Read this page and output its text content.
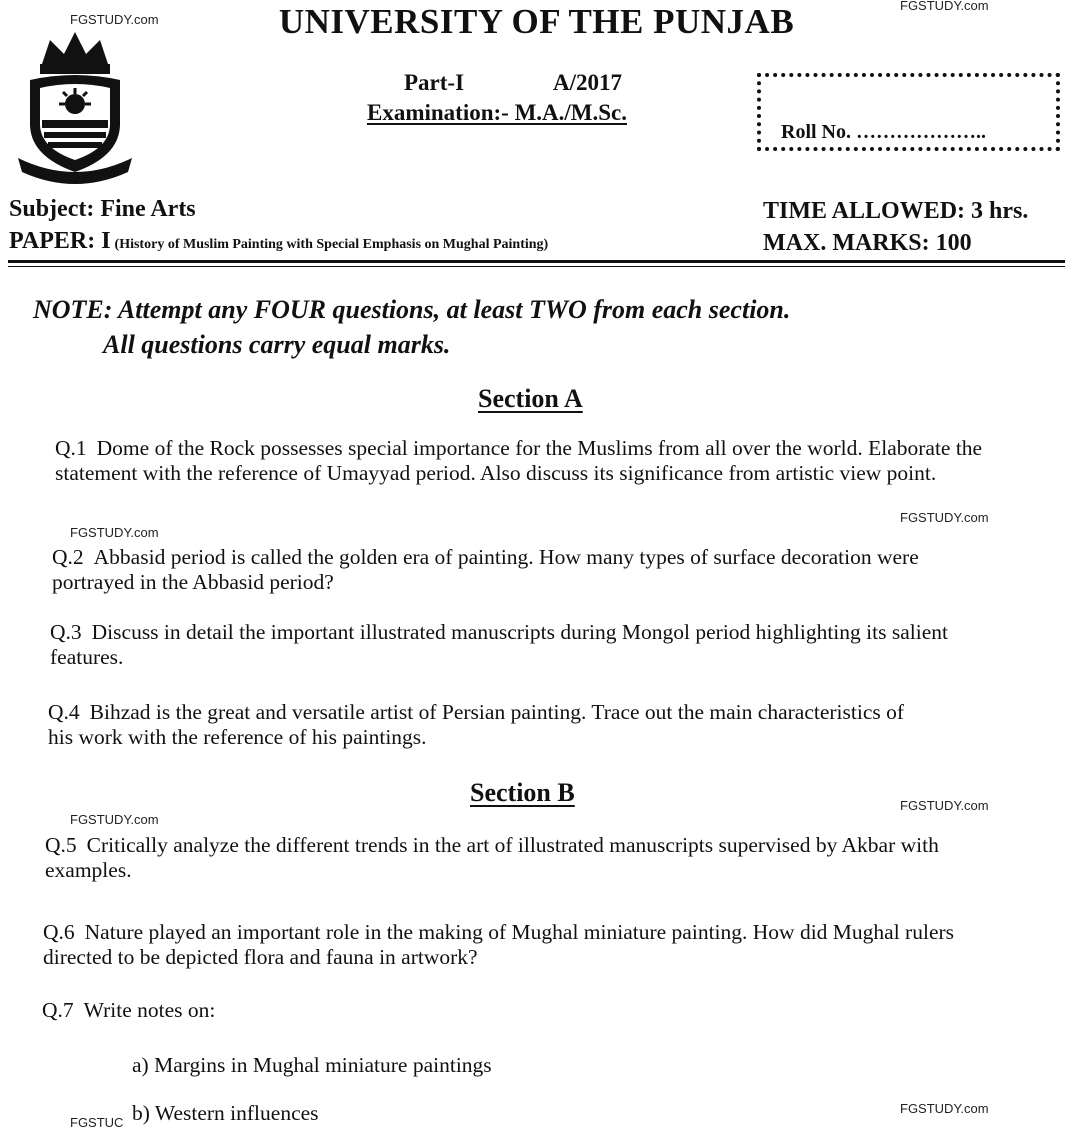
FGSTUDY.com
FGSTUDY.com
FGSTUDY.com
FGSTUDY.com
FGSTUDY.com
FGSTUDY.com
FGSTUDY.com
FGSTUC
UNIVERSITY OF THE PUNJAB
Part-I	A/2017
Examination:- M.A./M.Sc.
Roll No. ………………..
Subject: Fine Arts
PAPER: I (History of Muslim Painting with Special Emphasis on Mughal Painting)
TIME ALLOWED: 3 hrs.
MAX. MARKS: 100
NOTE: Attempt any FOUR questions, at least TWO from each section.
All questions carry equal marks.
Section A
Q.1 Dome of the Rock possesses special importance for the Muslims from all over the world. Elaborate the statement with the reference of Umayyad period. Also discuss its significance from artistic view point.
Q.2 Abbasid period is called the golden era of painting. How many types of surface decoration were portrayed in the Abbasid period?
Q.3 Discuss in detail the important illustrated manuscripts during Mongol period highlighting its salient features.
Q.4 Bihzad is the great and versatile artist of Persian painting. Trace out the main characteristics of his work with the reference of his paintings.
Section B
Q.5 Critically analyze the different trends in the art of illustrated manuscripts supervised by Akbar with examples.
Q.6 Nature played an important role in the making of Mughal miniature painting. How did Mughal rulers directed to be depicted flora and fauna in artwork?
Q.7 Write notes on:
a) Margins in Mughal miniature paintings
b) Western influences
